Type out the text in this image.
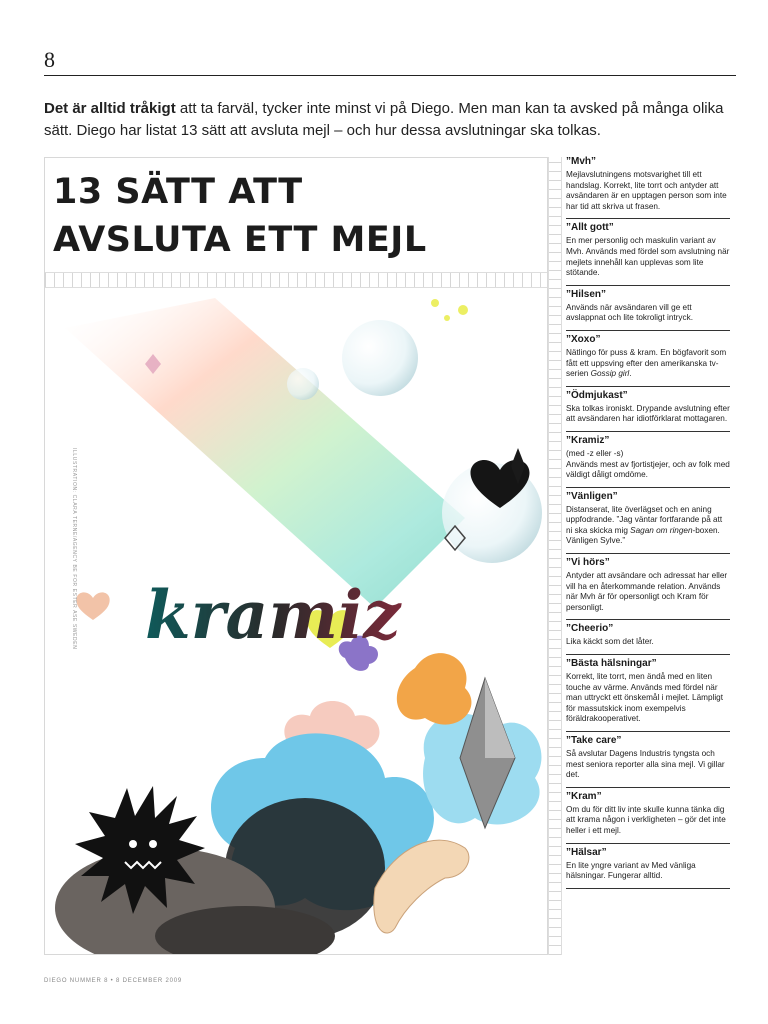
8

Det är alltid tråkigt att ta farväl, tycker inte minst vi på Diego. Men man kan ta avsked på många olika sätt. Diego har listat 13 sätt att avsluta mejl – och hur dessa avslutningar ska tolkas.

13 SÄTT ATT
AVSLUTA ETT MEJL
kramiz
ILLUSTRATION: CLARA TERNE/AGENCY BE FOR ESTER ASE SWEDEN

”Mvh”

Mejlavslutningens motsvarighet till ett handslag. Korrekt, lite torrt och antyder att avsändaren är en upptagen person som inte har tid att skriva ut frasen.

”Allt gott”

En mer personlig och maskulin variant av Mvh. Används med fördel som avslutning när mejlets innehåll kan upplevas som lite stötande.

”Hilsen”

Används när avsändaren vill ge ett avslappnat och lite tokroligt intryck.

”Xoxo”

Nätlingo för puss & kram. En bögfavorit som fått ett uppsving efter den amerikanska tv-serien Gossip girl.

”Ödmjukast”

Ska tolkas ironiskt. Drypande avslutning efter att avsändaren har idiotförklarat mottagaren.

”Kramiz”

(med -z eller -s)
Används mest av fjortistjejer, och av folk med väldigt dåligt omdöme.

”Vänligen”

Distanserat, lite överlägset och en aning uppfodrande. ”Jag väntar fortfarande på att ni ska skicka mig Sagan om ringen-boxen. Vänligen Sylve.”

”Vi hörs”

Antyder att avsändare och adressat har eller vill ha en återkommande relation. Används när Mvh är för opersonligt och Kram för personligt.

”Cheerio”

Lika käckt som det låter.

”Bästa hälsningar”

Korrekt, lite torrt, men ändå med en liten touche av värme. Används med fördel när man uttryckt ett önskemål i mejlet. Lämpligt för massutskick inom exempelvis föräldrakooperativet.

”Take care”

Så avslutar Dagens Industris tyngsta och mest seniora reporter alla sina mejl. Vi gillar det.

”Kram”

Om du för ditt liv inte skulle kunna tänka dig att krama någon i verkligheten – gör det inte heller i ett mejl.

”Hälsar”

En lite yngre variant av Med vänliga hälsningar. Fungerar alltid.

DIEGO NUMMER 8 • 8 DECEMBER 2009
